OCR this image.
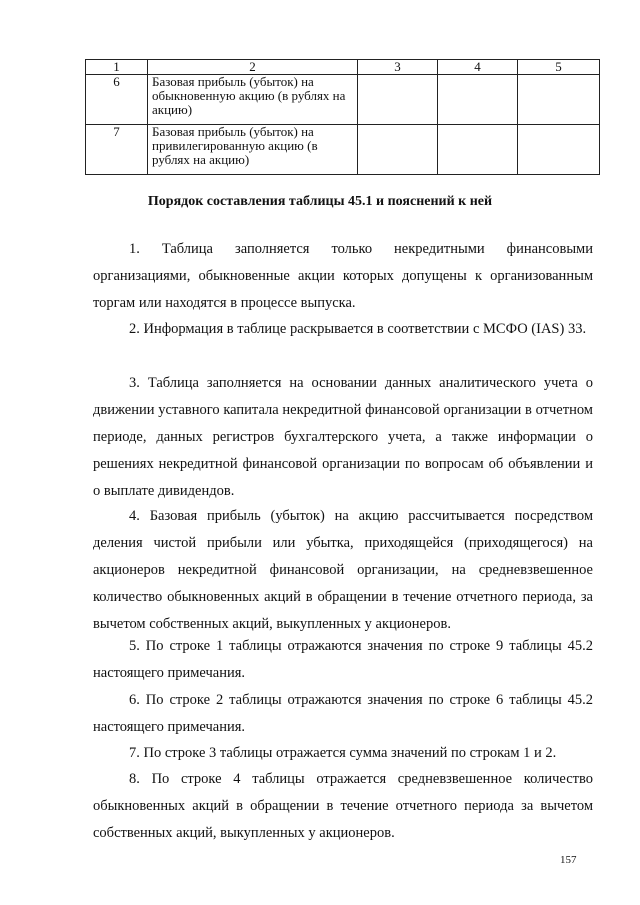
1	2	3	4	5
6	Базовая прибыль (убыток) на обыкновенную акцию (в рублях на акцию)			
7	Базовая прибыль (убыток) на привилегированную акцию (в рублях на акцию)			
Порядок составления таблицы 45.1 и пояснений к ней

1. Таблица заполняется только некредитными финансовыми организациями, обыкновенные акции которых допущены к организованным торгам или находятся в процессе выпуска.

2. Информация в таблице раскрывается в соответствии с МСФО (IAS) 33.

3. Таблица заполняется на основании данных аналитического учета о движении уставного капитала некредитной финансовой организации в отчетном периоде, данных регистров бухгалтерского учета, а также информации о решениях некредитной финансовой организации по вопросам об объявлении и о выплате дивидендов.

4. Базовая прибыль (убыток) на акцию рассчитывается посредством деления чистой прибыли или убытка, приходящейся (приходящегося) на акционеров некредитной финансовой организации, на средневзвешенное количество обыкновенных акций в обращении в течение отчетного периода, за вычетом собственных акций, выкупленных у акционеров.

5. По строке 1 таблицы отражаются значения по строке 9 таблицы 45.2 настоящего примечания.

6. По строке 2 таблицы отражаются значения по строке 6 таблицы 45.2 настоящего примечания.

7. По строке 3 таблицы отражается сумма значений по строкам 1 и 2.

8. По строке 4 таблицы отражается средневзвешенное количество обыкновенных акций в обращении в течение отчетного периода за вычетом собственных акций, выкупленных у акционеров.

157
